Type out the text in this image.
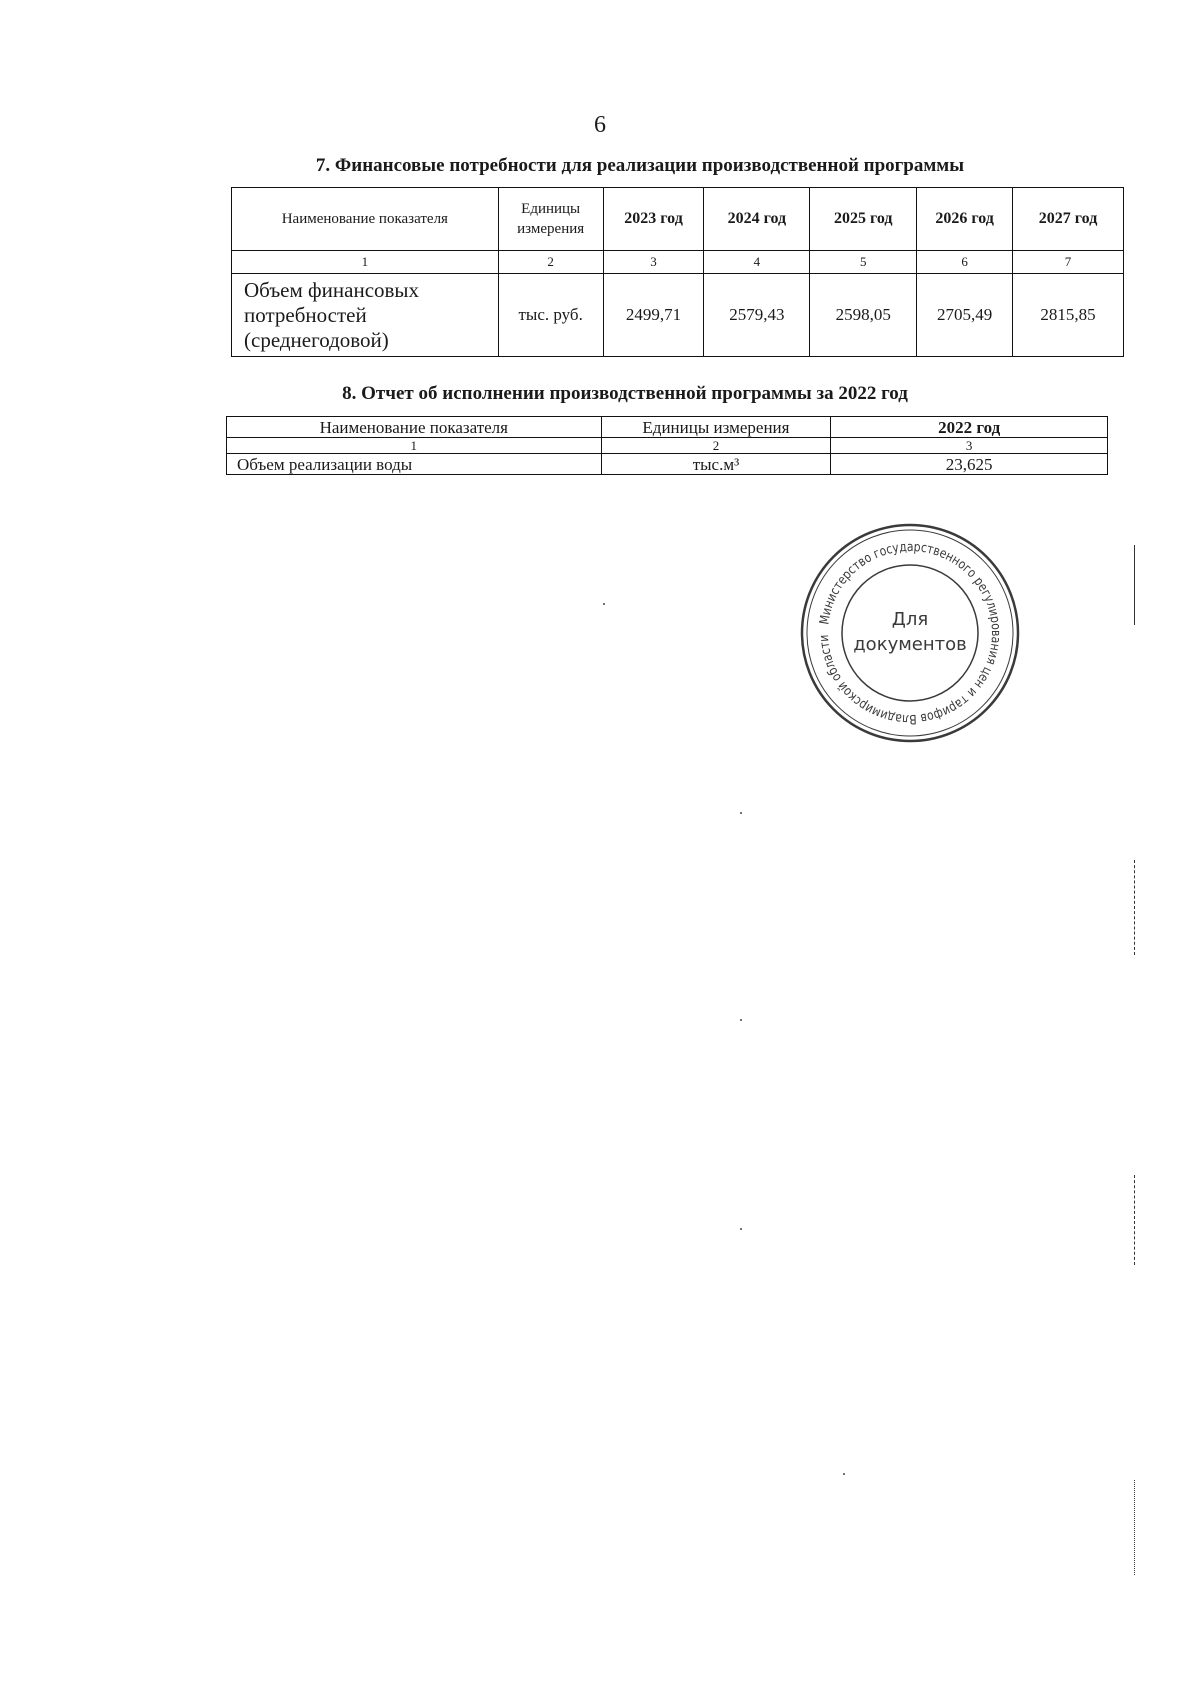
6
7. Финансовые потребности для реализации производственной программы
Наименование показателя	Единицы измерения	2023 год	2024 год	2025 год	2026 год	2027 год
1	2	3	4	5	6	7
Объем финансовых потребностей (среднегодовой)	тыс. руб.	2499,71	2579,43	2598,05	2705,49	2815,85
8. Отчет об исполнении производственной программы за 2022 год
Наименование показателя	Единицы измерения	2022 год
1	2	3
Объем реализации воды	тыс.м³	23,625
Министерство государственного регулирования цен и тарифов Владимирской области
Для
документов
